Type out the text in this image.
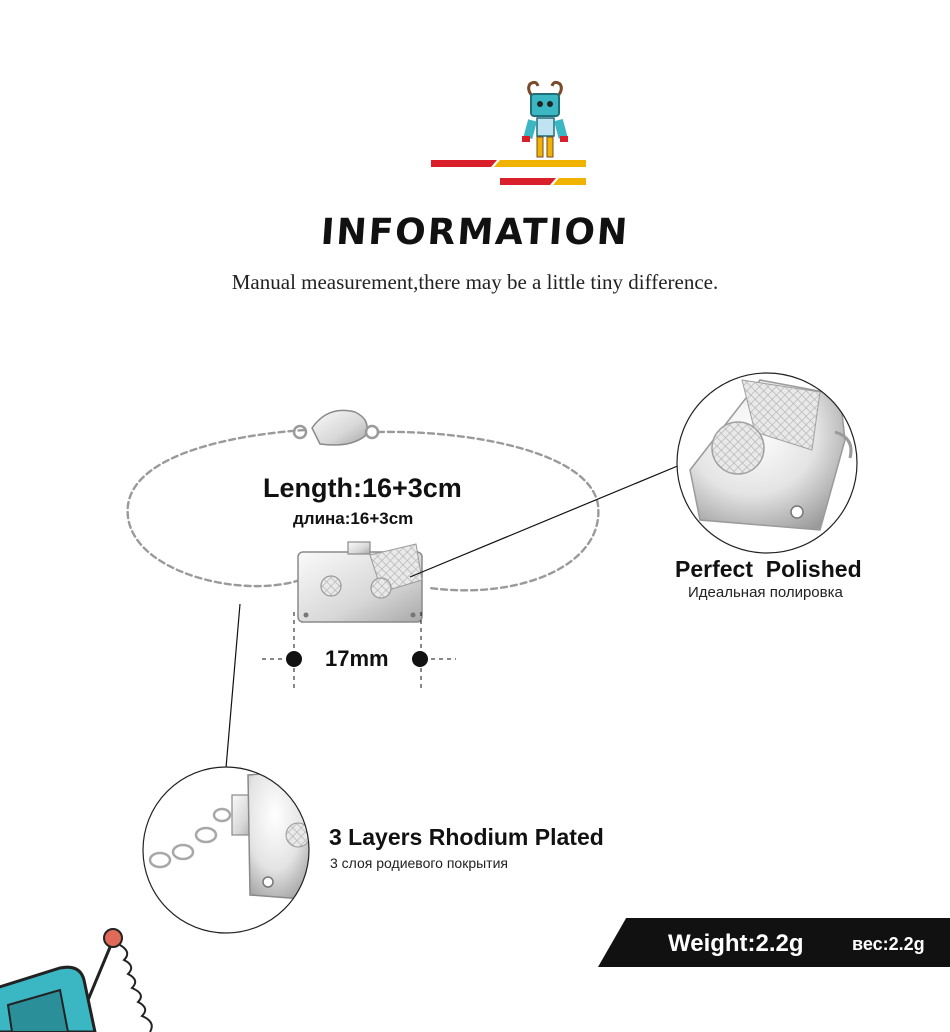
INFORMATION
Manual measurement,there may be a little tiny difference.
Length:16+3cm
длина:16+3cm
17mm
Perfect  Polished
Идеальная полировка
3 Layers Rhodium Plated
3 слоя родиевого покрытия
Weight:2.2g	вес:2.2g
